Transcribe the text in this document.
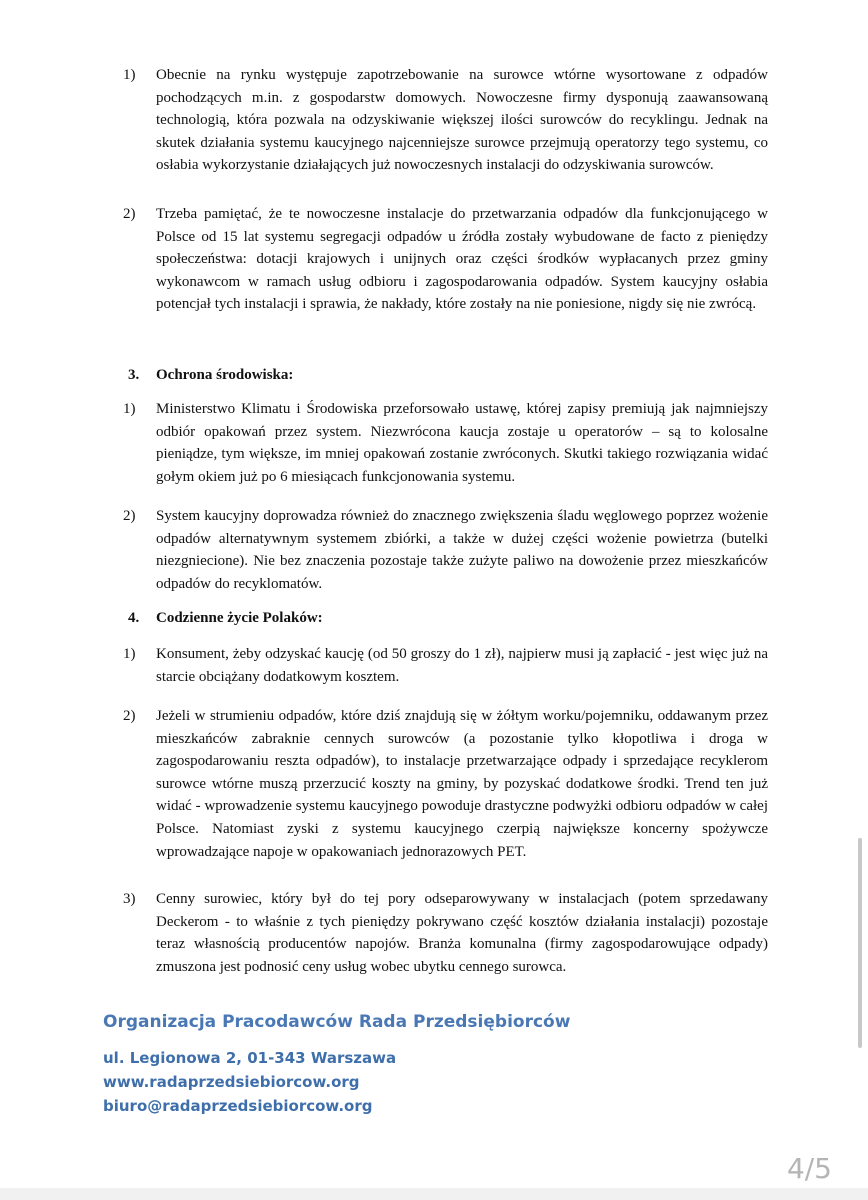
1)	Obecnie na rynku występuje zapotrzebowanie na surowce wtórne wysortowane z odpadów pochodzących m.in. z gospodarstw domowych. Nowoczesne firmy dysponują zaawansowaną technologią, która pozwala na odzyskiwanie większej ilości surowców do recyklingu. Jednak na skutek działania systemu kaucyjnego najcenniejsze surowce przejmują operatorzy tego systemu, co osłabia wykorzystanie działających już nowoczesnych instalacji do odzyskiwania surowców.
2)	Trzeba pamiętać, że te nowoczesne instalacje do przetwarzania odpadów dla funkcjonującego w Polsce od 15 lat systemu segregacji odpadów u źródła zostały wybudowane de facto z pieniędzy społeczeństwa: dotacji krajowych i unijnych oraz części środków wypłacanych przez gminy wykonawcom w ramach usług odbioru i zagospodarowania odpadów. System kaucyjny osłabia potencjał tych instalacji i sprawia, że nakłady, które zostały na nie poniesione, nigdy się nie zwrócą.
3. Ochrona środowiska:
1)	Ministerstwo Klimatu i Środowiska przeforsowało ustawę, której zapisy premiują jak najmniejszy odbiór opakowań przez system. Niezwrócona kaucja zostaje u operatorów – są to kolosalne pieniądze, tym większe, im mniej opakowań zostanie zwróconych. Skutki takiego rozwiązania widać gołym okiem już po 6 miesiącach funkcjonowania systemu.
2)	System kaucyjny doprowadza również do znacznego zwiększenia śladu węglowego poprzez wożenie odpadów alternatywnym systemem zbiórki, a także w dużej części wożenie powietrza (butelki niezgniecione). Nie bez znaczenia pozostaje także zużyte paliwo na dowożenie przez mieszkańców odpadów do recyklomatów.
4. Codzienne życie Polaków:
1)	Konsument, żeby odzyskać kaucję (od 50 groszy do 1 zł), najpierw musi ją zapłacić - jest więc już na starcie obciążany dodatkowym kosztem.
2)	Jeżeli w strumieniu odpadów, które dziś znajdują się w żółtym worku/pojemniku, oddawanym przez mieszkańców zabraknie cennych surowców (a pozostanie tylko kłopotliwa i droga w zagospodarowaniu reszta odpadów), to instalacje przetwarzające odpady i sprzedające recyklerom surowce wtórne muszą przerzucić koszty na gminy, by pozyskać dodatkowe środki. Trend ten już widać - wprowadzenie systemu kaucyjnego powoduje drastyczne podwyżki odbioru odpadów w całej Polsce. Natomiast zyski z systemu kaucyjnego czerpią największe koncerny spożywcze wprowadzające napoje w opakowaniach jednorazowych PET.
3)	Cenny surowiec, który był do tej pory odseparowywany w instalacjach (potem sprzedawany Deckerom - to właśnie z tych pieniędzy pokrywano część kosztów działania instalacji) pozostaje teraz własnością producentów napojów. Branża komunalna (firmy zagospodarowujące odpady) zmuszona jest podnosić ceny usług wobec ubytku cennego surowca.
Organizacja Pracodawców Rada Przedsiębiorców
ul. Legionowa 2, 01-343 Warszawa
www.radaprzedsiebiorcow.org
biuro@radaprzedsiebiorcow.org
4/5
